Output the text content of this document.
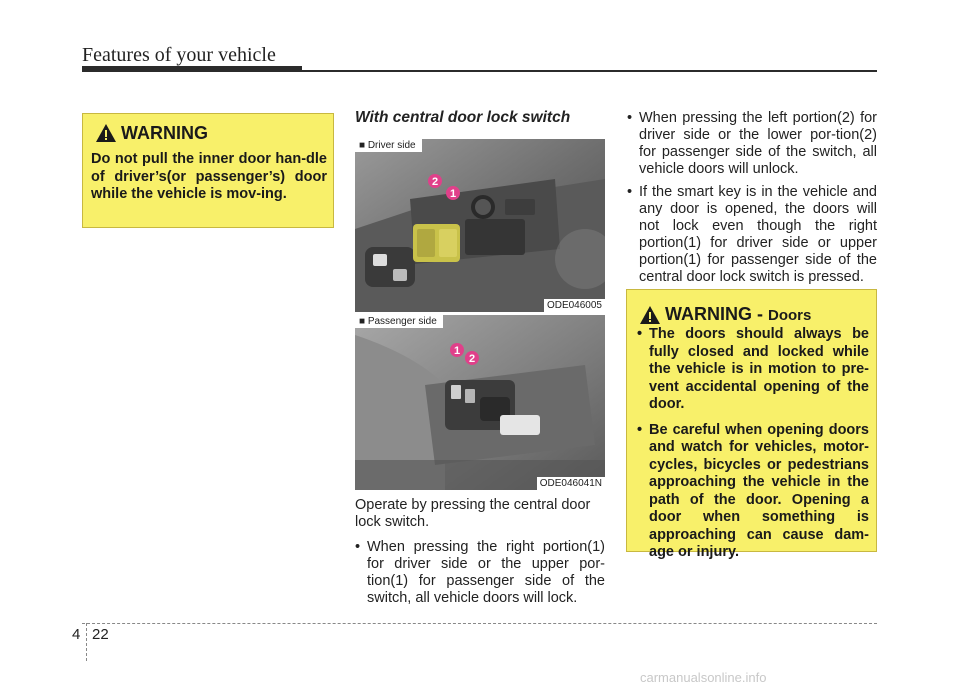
Features of your vehicle
WARNING

Do not pull the inner door han-dle of driver’s(or passenger’s) door while the vehicle is mov-ing.

With central door lock switch
2
1
■ Driver side
ODE046005
1
2
■ Passenger side
ODE046041N

Operate by pressing the central door lock switch.

• When pressing the right portion(1) for driver side or the upper por-tion(1) for passenger side of the switch, all vehicle doors will lock.

• When pressing the left portion(2) for driver side or the lower por-tion(2) for passenger side of the switch, all vehicle doors will unlock.

• If the smart key is in the vehicle and any door is opened, the doors will not lock even though the right portion(1) for driver side or upper portion(1) for passenger side of the central door lock switch is pressed.

WARNING - Doors
• The doors should always be fully closed and locked while the vehicle is in motion to pre-vent accidental opening of the door.
• Be careful when opening doors and watch for vehicles, motor-cycles, bicycles or pedestrians approaching the vehicle in the path of the door. Opening a door when something is approaching can cause dam-age or injury.
4 22
carmanualsonline.info
